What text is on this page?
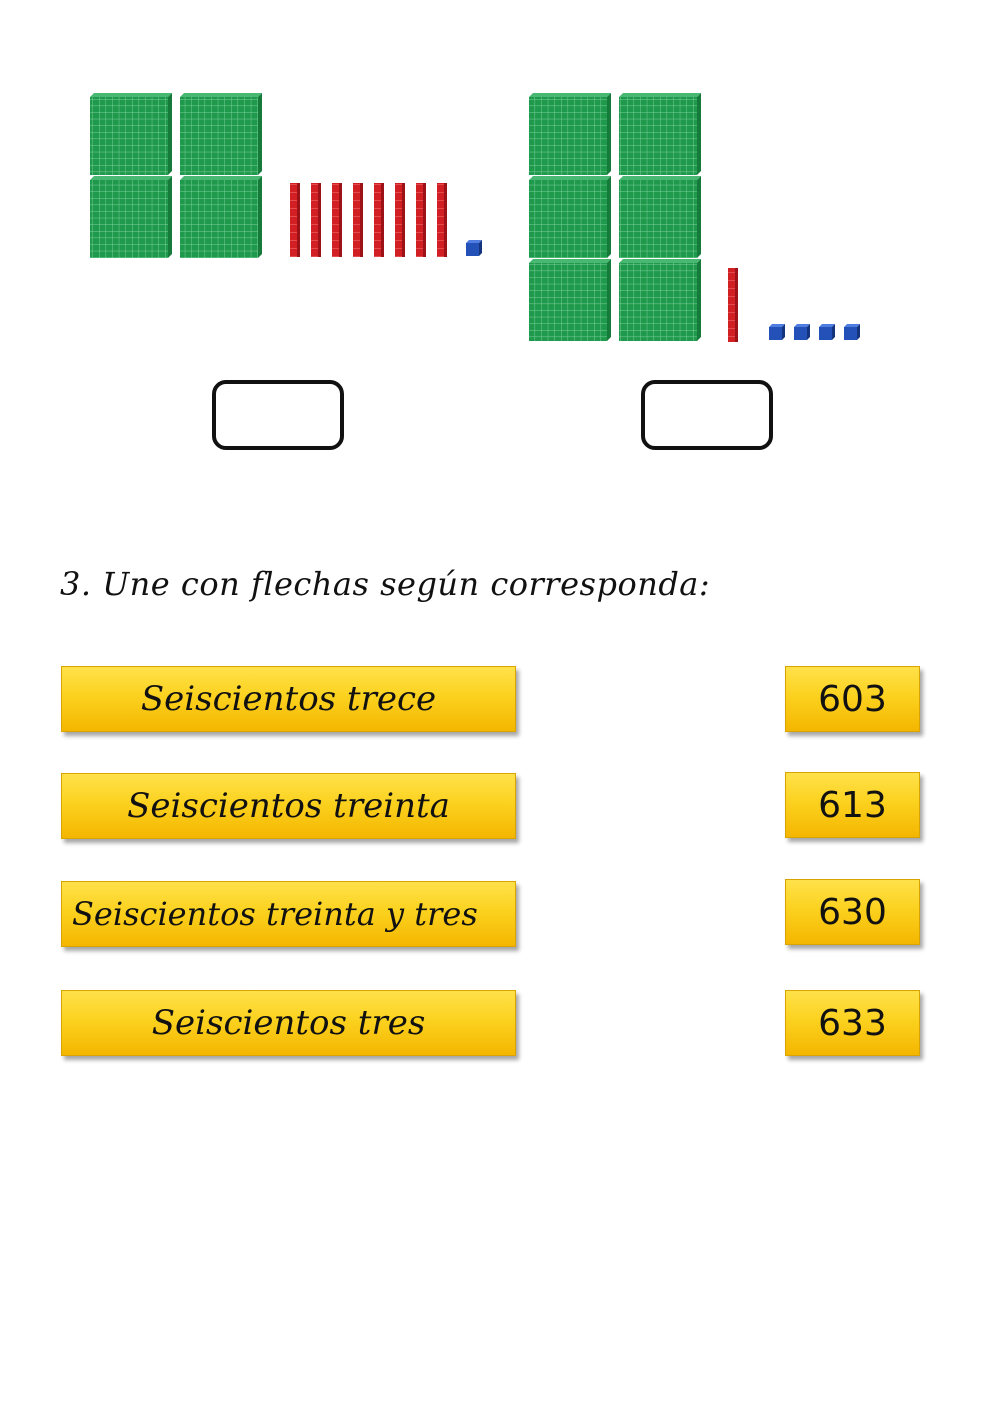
3. Une con flechas según corresponda:
Seiscientos trece
Seiscientos treinta
Seiscientos treinta y tres
Seiscientos tres
603
613
630
633
